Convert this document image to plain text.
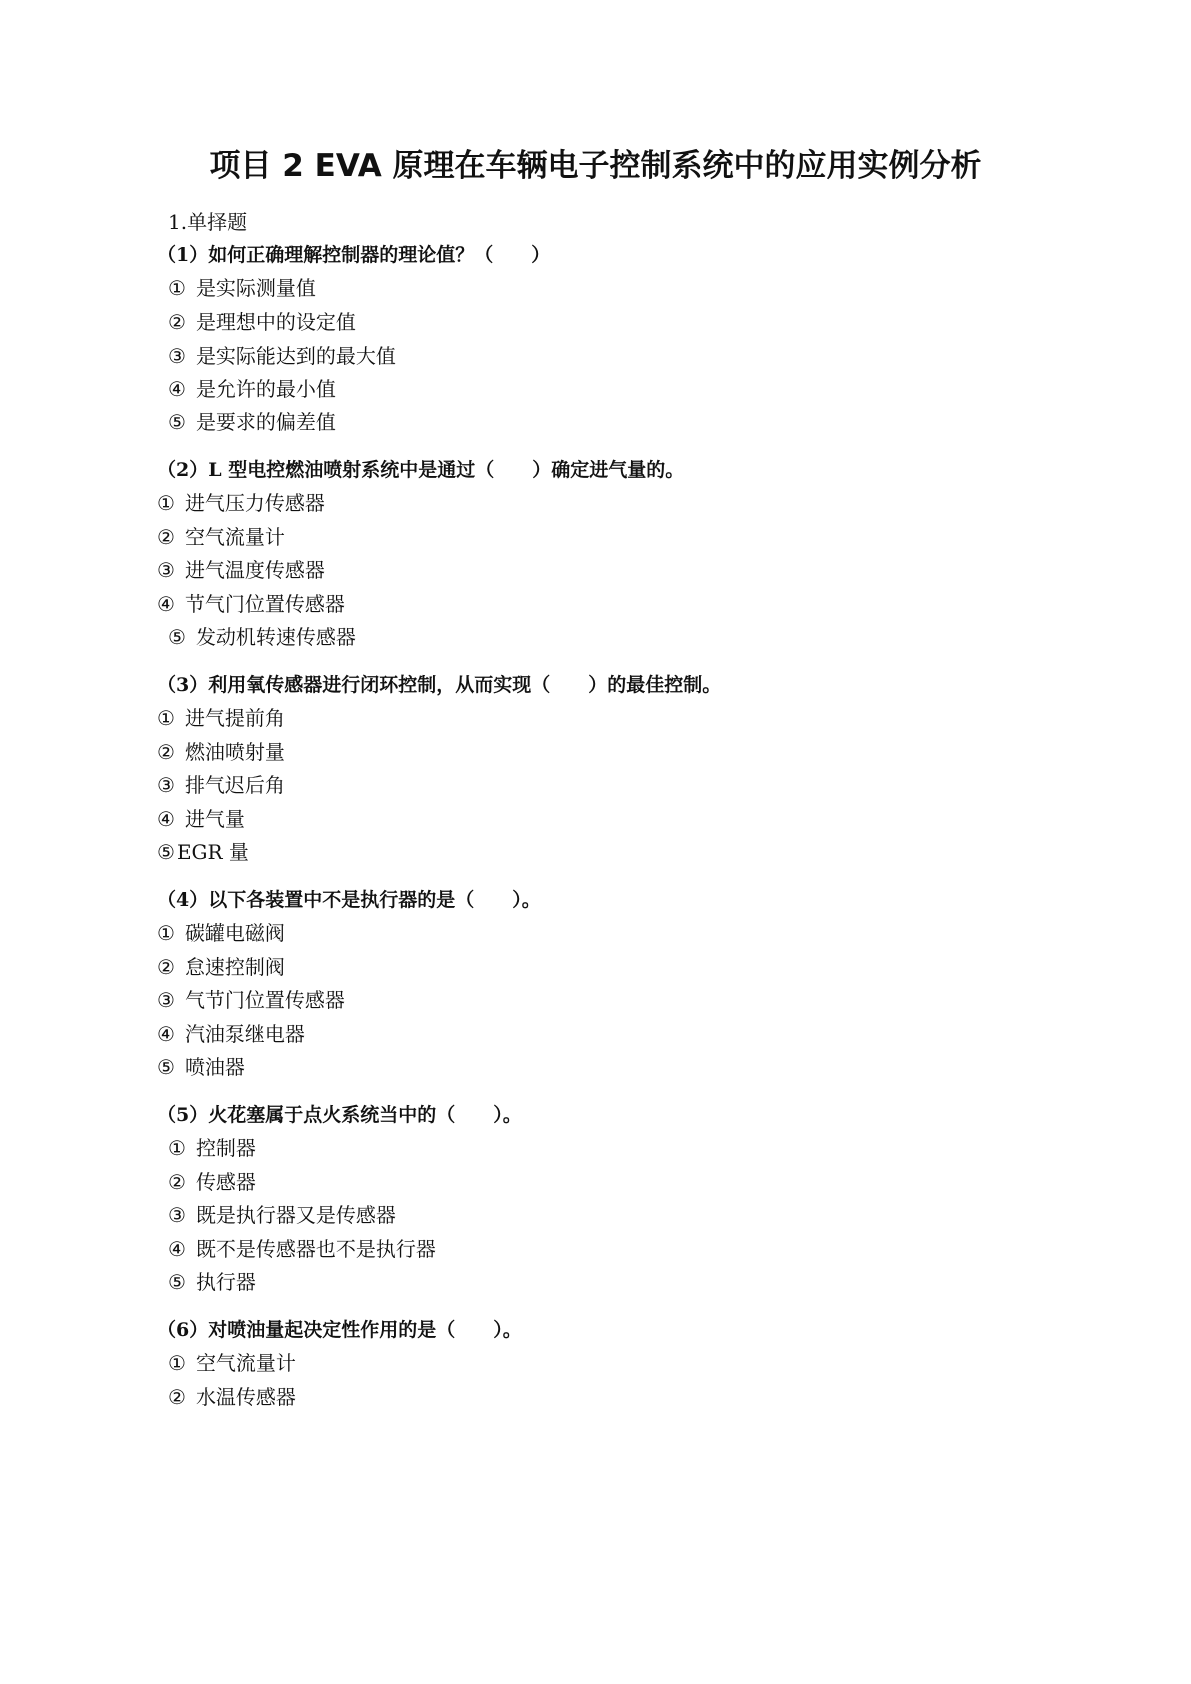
项目 2 EVA 原理在车辆电子控制系统中的应用实例分析

1.单择题

（1）如何正确理解控制器的理论值？（　　）

① 是实际测量值

② 是理想中的设定值

③ 是实际能达到的最大值

④ 是允许的最小值

⑤ 是要求的偏差值

（2）L 型电控燃油喷射系统中是通过（　　）确定进气量的。

① 进气压力传感器

② 空气流量计

③ 进气温度传感器

④ 节气门位置传感器

⑤ 发动机转速传感器

（3）利用氧传感器进行闭环控制，从而实现（　　）的最佳控制。

① 进气提前角

② 燃油喷射量

③ 排气迟后角

④ 进气量

⑤ EGR 量

（4）以下各装置中不是执行器的是（　　）。

① 碳罐电磁阀

② 怠速控制阀

③ 气节门位置传感器

④ 汽油泵继电器

⑤ 喷油器

（5）火花塞属于点火系统当中的（　　）。

① 控制器

② 传感器

③ 既是执行器又是传感器

④ 既不是传感器也不是执行器

⑤ 执行器

（6）对喷油量起决定性作用的是（　　）。

① 空气流量计

② 水温传感器
